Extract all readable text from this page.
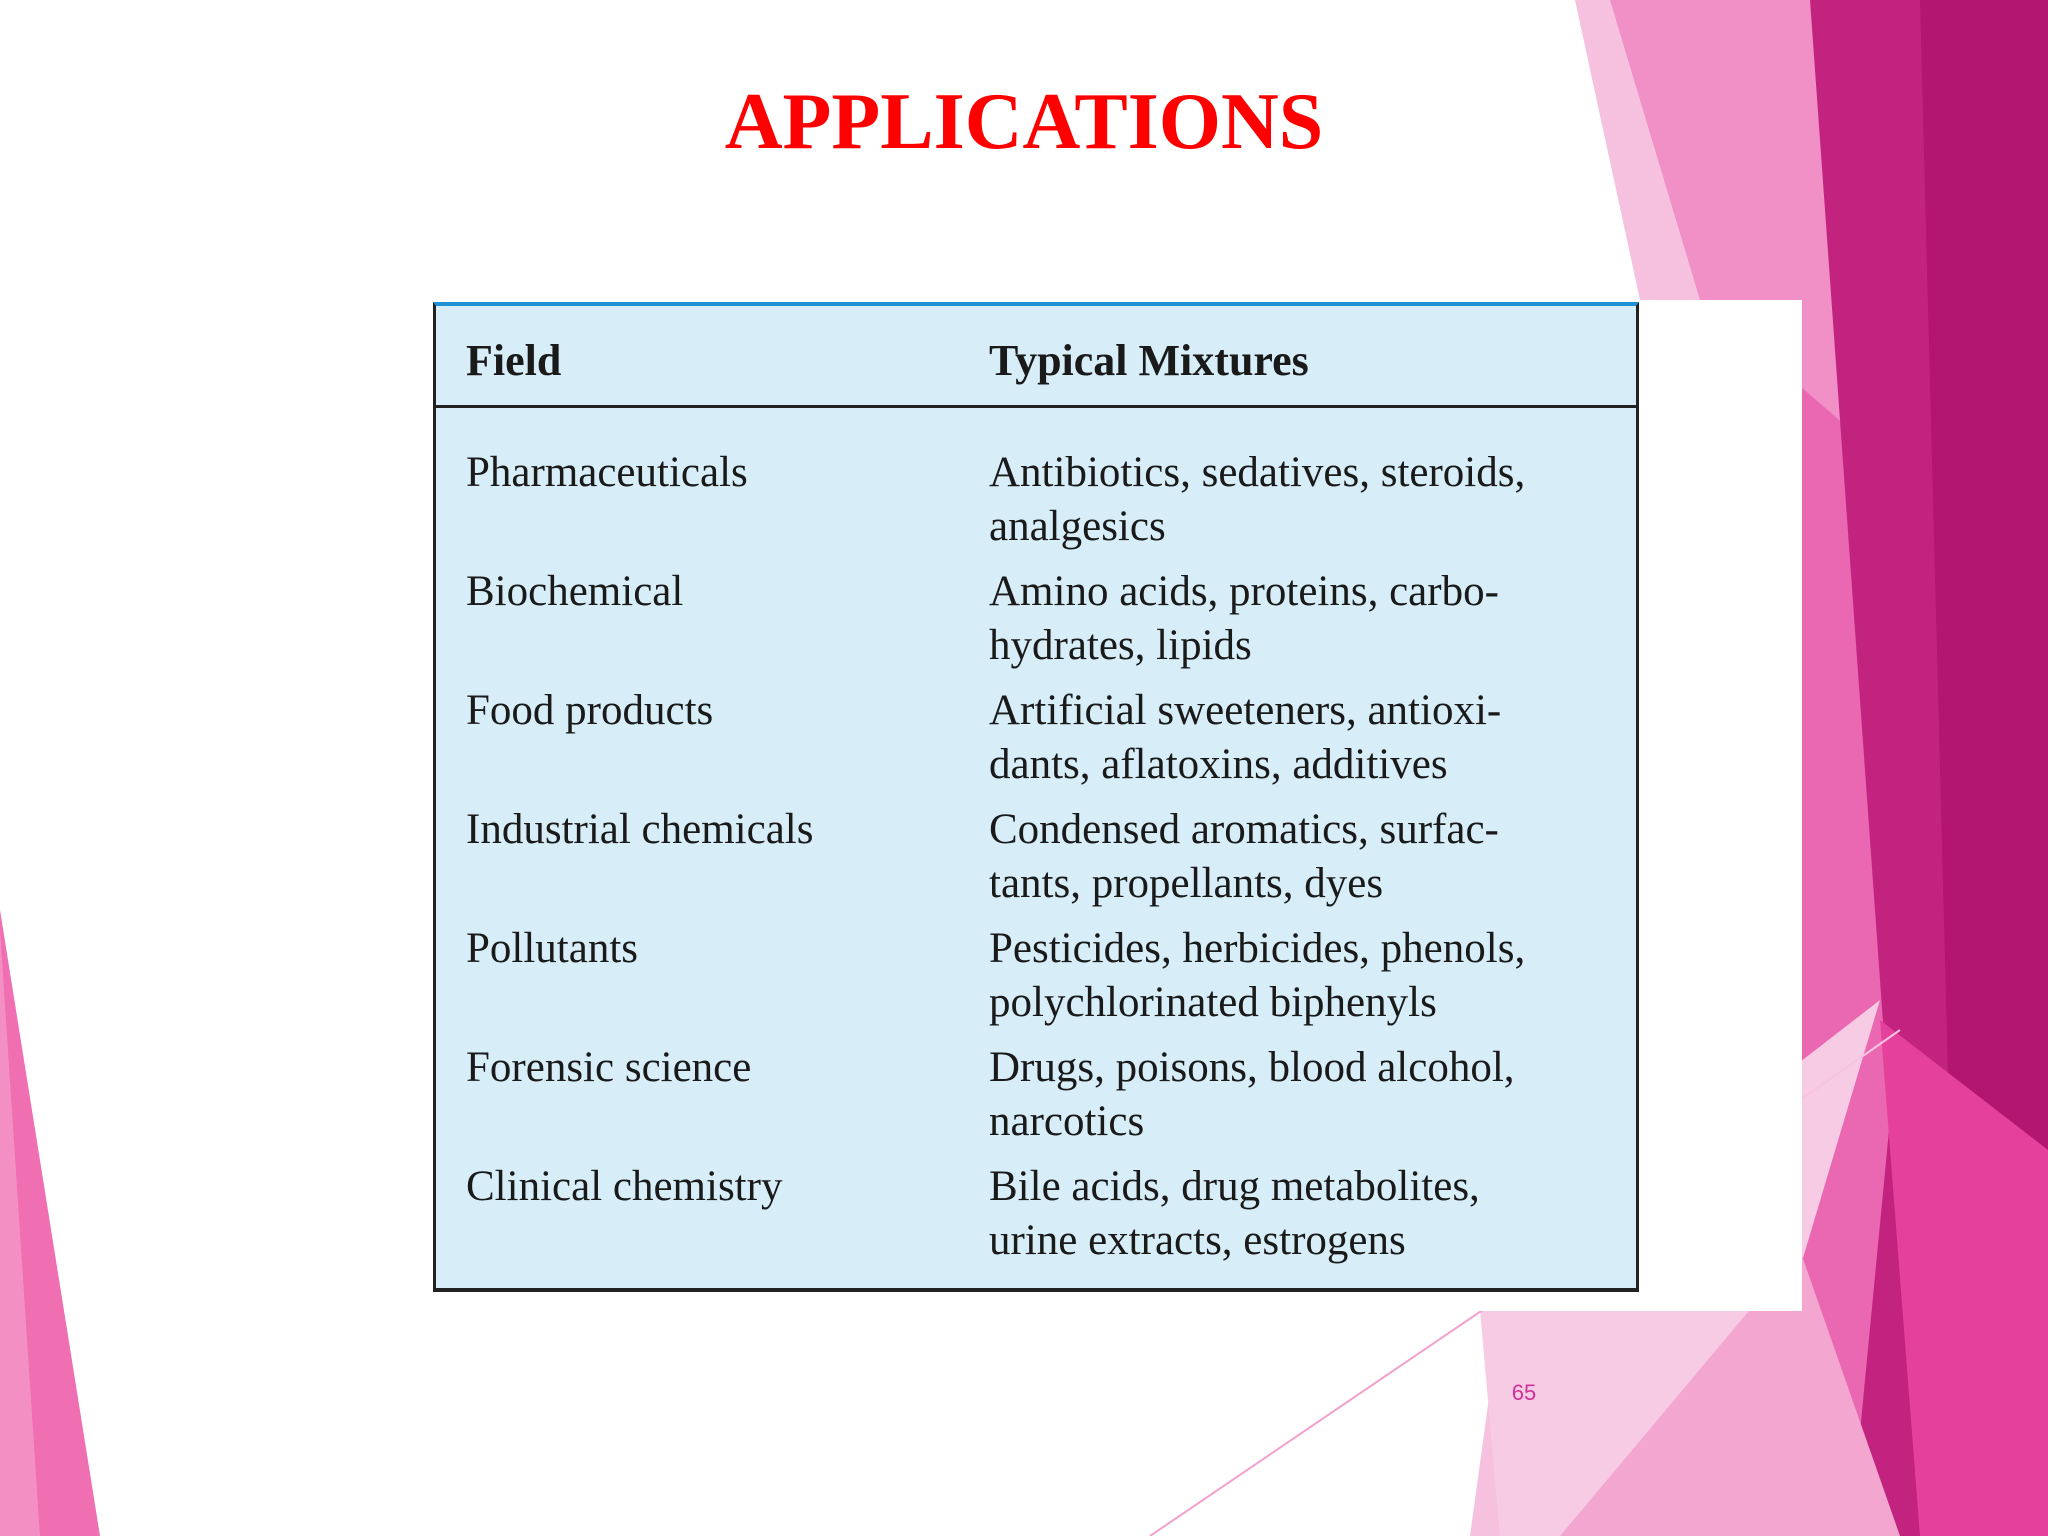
APPLICATIONS
Field	Typical Mixtures
Pharmaceuticals	Antibiotics, sedatives, steroids,
analgesics
Biochemical	Amino acids, proteins, carbo-
hydrates, lipids
Food products	Artificial sweeteners, antioxi-
dants, aflatoxins, additives
Industrial chemicals	Condensed aromatics, surfac-
tants, propellants, dyes
Pollutants	Pesticides, herbicides, phenols,
polychlorinated biphenyls
Forensic science	Drugs, poisons, blood alcohol,
narcotics
Clinical chemistry	Bile acids, drug metabolites,
urine extracts, estrogens
65
